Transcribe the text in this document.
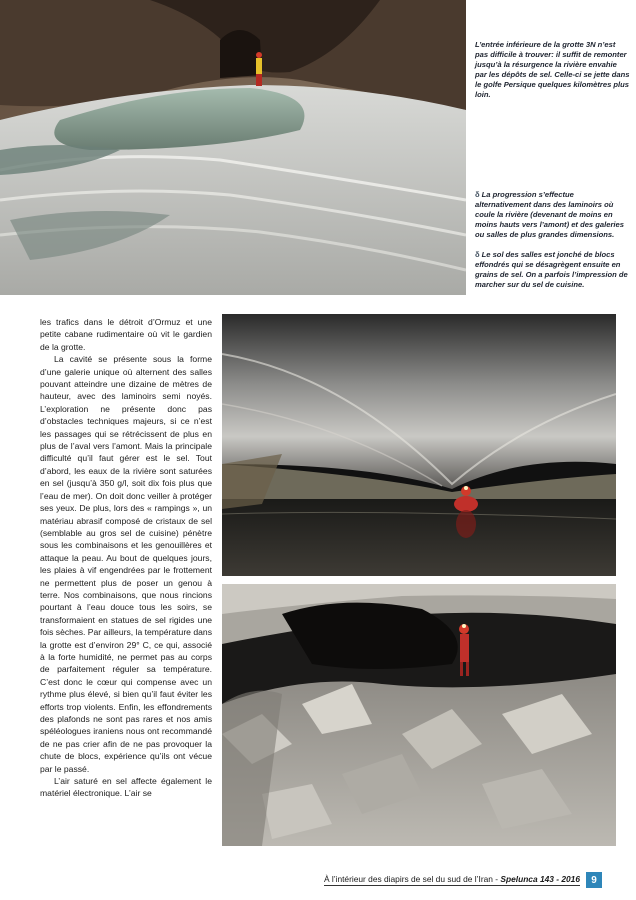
L’entrée inférieure de la grotte 3N n’est pas difficile à trouver: il suffit de remonter jusqu’à la résurgence la rivière envahie par les dépôts de sel. Celle-ci se jette dans le golfe Persique quelques kilomètres plus loin.

δ La progression s’effectue alternativement dans des laminoirs où coule la rivière (devenant de moins en moins hauts vers l’amont) et des galeries ou salles de plus grandes dimensions.

δ Le sol des salles est jonché de blocs effondrés qui se désagrègent ensuite en grains de sel. On a parfois l’impression de marcher sur du sel de cuisine.

les trafics dans le détroit d’Ormuz et une petite cabane rudimentaire où vit le gardien de la grotte.

La cavité se présente sous la forme d’une galerie unique où alternent des salles pouvant atteindre une dizaine de mètres de hauteur, avec des laminoirs semi noyés. L’exploration ne présente donc pas d’obstacles techniques majeurs, si ce n’est les passages qui se rétrécissent de plus en plus de l’aval vers l’amont. Mais la principale difficulté qu’il faut gérer est le sel. Tout d’abord, les eaux de la rivière sont saturées en sel (jusqu’à 350 g/l, soit dix fois plus que l’eau de mer). On doit donc veiller à protéger ses yeux. De plus, lors des « rampings », un matériau abrasif composé de cristaux de sel (semblable au gros sel de cuisine) pénètre sous les combinaisons et les genouillères et attaque la peau. Au bout de quelques jours, les plaies à vif engendrées par le frottement ne permettent plus de poser un genou à terre. Nos combinaisons, que nous rincions pourtant à l’eau douce tous les soirs, se transformaient en statues de sel rigides une fois sèches. Par ailleurs, la température dans la grotte est d’environ 29° C, ce qui, associé à la forte humidité, ne permet pas au corps de parfaitement réguler sa température. C’est donc le cœur qui compense avec un rythme plus élevé, si bien qu’il faut éviter les efforts trop violents. Enfin, les effondrements des plafonds ne sont pas rares et nos amis spéléologues iraniens nous ont recommandé de ne pas crier afin de ne pas provoquer la chute de blocs, expérience qu’ils ont vécue par le passé.

L’air saturé en sel affecte également le matériel électronique. L’air se

À l’intérieur des diapirs de sel du sud de l’Iran - Spelunca 143 - 2016	9
